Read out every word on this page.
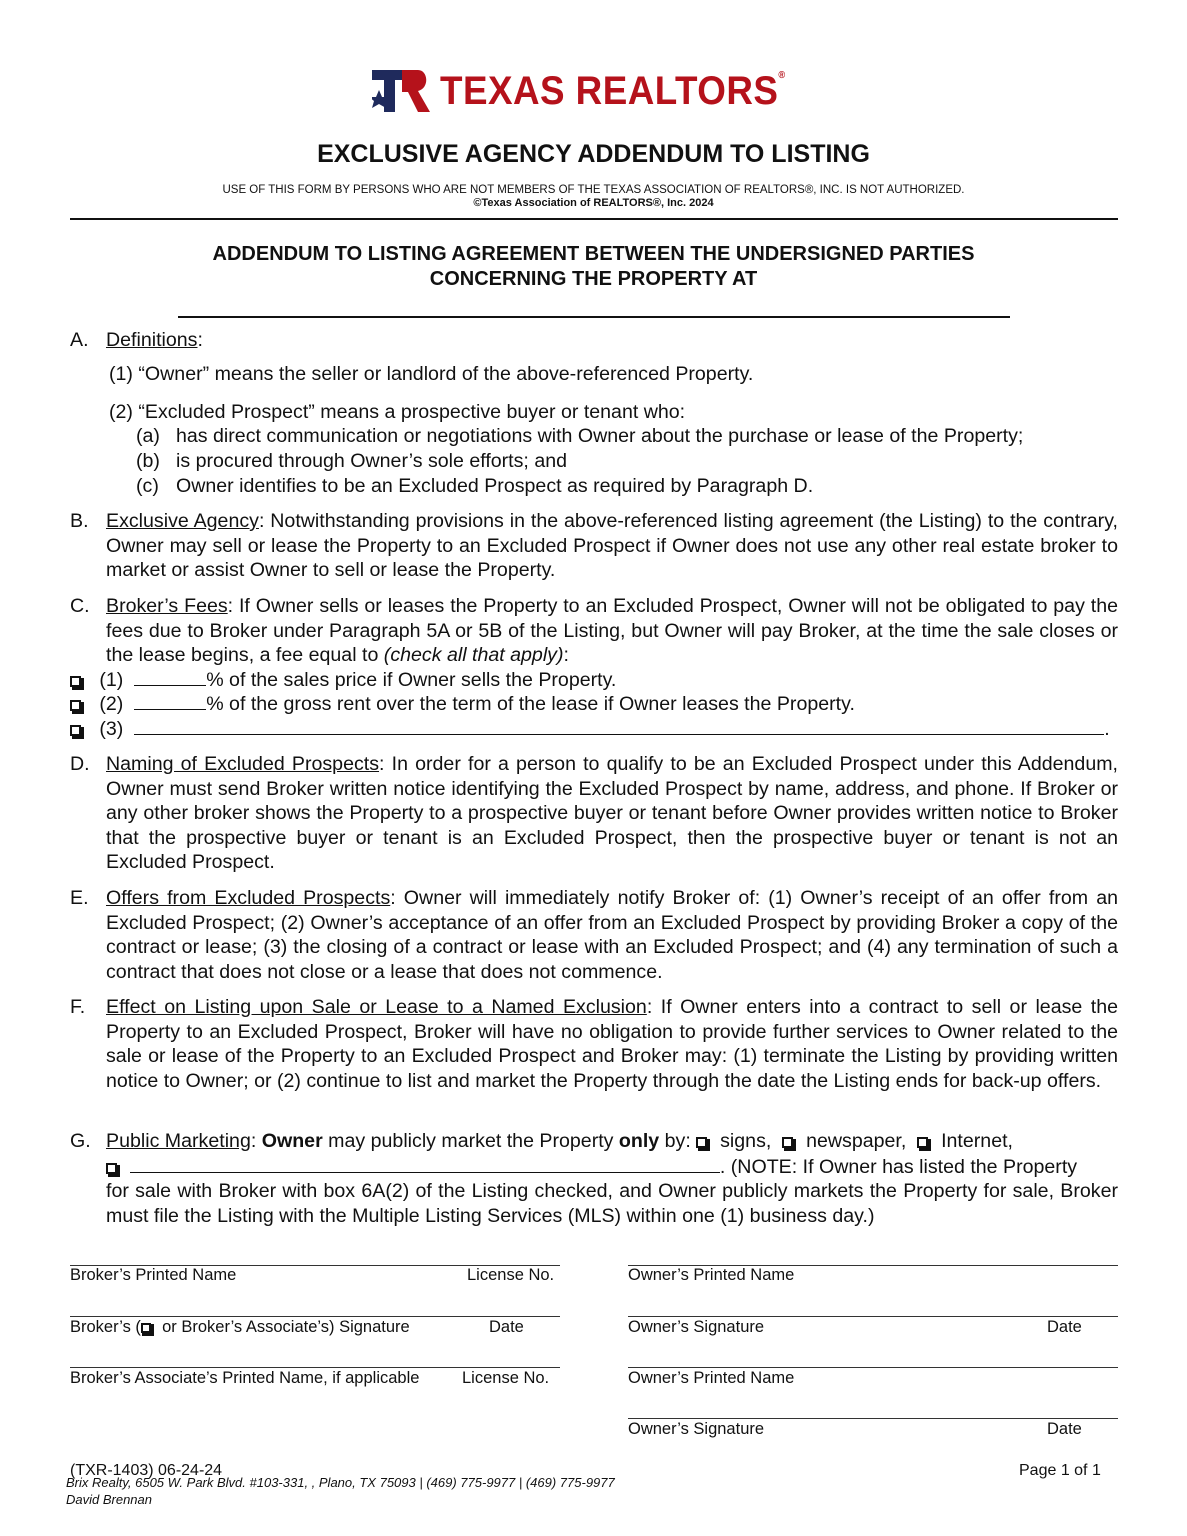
TEXAS REALTORS®
EXCLUSIVE AGENCY ADDENDUM TO LISTING
USE OF THIS FORM BY PERSONS WHO ARE NOT MEMBERS OF THE TEXAS ASSOCIATION OF REALTORS®, INC. IS NOT AUTHORIZED.
©Texas Association of REALTORS®, Inc. 2024
ADDENDUM TO LISTING AGREEMENT BETWEEN THE UNDERSIGNED PARTIES
CONCERNING THE PROPERTY AT
A. Definitions:
(1) “Owner” means the seller or landlord of the above-referenced Property.
(2) “Excluded Prospect” means a prospective buyer or tenant who:
(a) has direct communication or negotiations with Owner about the purchase or lease of the Property;
(b) is procured through Owner’s sole efforts; and
(c) Owner identifies to be an Excluded Prospect as required by Paragraph D.
B. Exclusive Agency: Notwithstanding provisions in the above-referenced listing agreement (the Listing) to the contrary, Owner may sell or lease the Property to an Excluded Prospect if Owner does not use any other real estate broker to market or assist Owner to sell or lease the Property.
C. Broker’s Fees: If Owner sells or leases the Property to an Excluded Prospect, Owner will not be obligated to pay the fees due to Broker under Paragraph 5A or 5B of the Listing, but Owner will pay Broker, at the time the sale closes or the lease begins, a fee equal to (check all that apply):
(1)	% of the sales price if Owner sells the Property.
(2)	% of the gross rent over the term of the lease if Owner leases the Property.
(3)	.
D. Naming of Excluded Prospects: In order for a person to qualify to be an Excluded Prospect under this Addendum, Owner must send Broker written notice identifying the Excluded Prospect by name, address, and phone. If Broker or any other broker shows the Property to a prospective buyer or tenant before Owner provides written notice to Broker that the prospective buyer or tenant is an Excluded Prospect, then the prospective buyer or tenant is not an Excluded Prospect.
E. Offers from Excluded Prospects: Owner will immediately notify Broker of: (1) Owner’s receipt of an offer from an Excluded Prospect; (2) Owner’s acceptance of an offer from an Excluded Prospect by providing Broker a copy of the contract or lease; (3) the closing of a contract or lease with an Excluded Prospect; and (4) any termination of such a contract that does not close or a lease that does not commence.
F.	Effect on Listing upon Sale or Lease to a Named Exclusion: If Owner enters into a contract to sell or lease the Property to an Excluded Prospect, Broker will have no obligation to provide further services to Owner related to the sale or lease of the Property to an Excluded Prospect and Broker may: (1) terminate the Listing by providing written notice to Owner; or (2) continue to list and market the Property through the date the Listing ends for back-up offers.
G. Public Marketing: Owner may publicly market the Property only by:   signs, newspaper, Internet,
. (NOTE: If Owner has listed the Property
for sale with Broker with box 6A(2) of the Listing checked, and Owner publicly markets the Property for sale, Broker must file the Listing with the Multiple Listing Services (MLS) within one (1) business day.)
Broker’s Printed Name	License No.	Owner’s Printed Name
Broker’s (  or Broker’s Associate’s) Signature	Date	Owner’s Signature	Date
Broker’s Associate’s Printed Name, if applicable	License No.	Owner’s Printed Name
Owner’s Signature	Date
(TXR-1403) 06-24-24	Page 1 of 1
Brix Realty, 6505 W. Park Blvd. #103-331, , Plano, TX 75093 | (469) 775-9977 | (469) 775-9977
David Brennan
